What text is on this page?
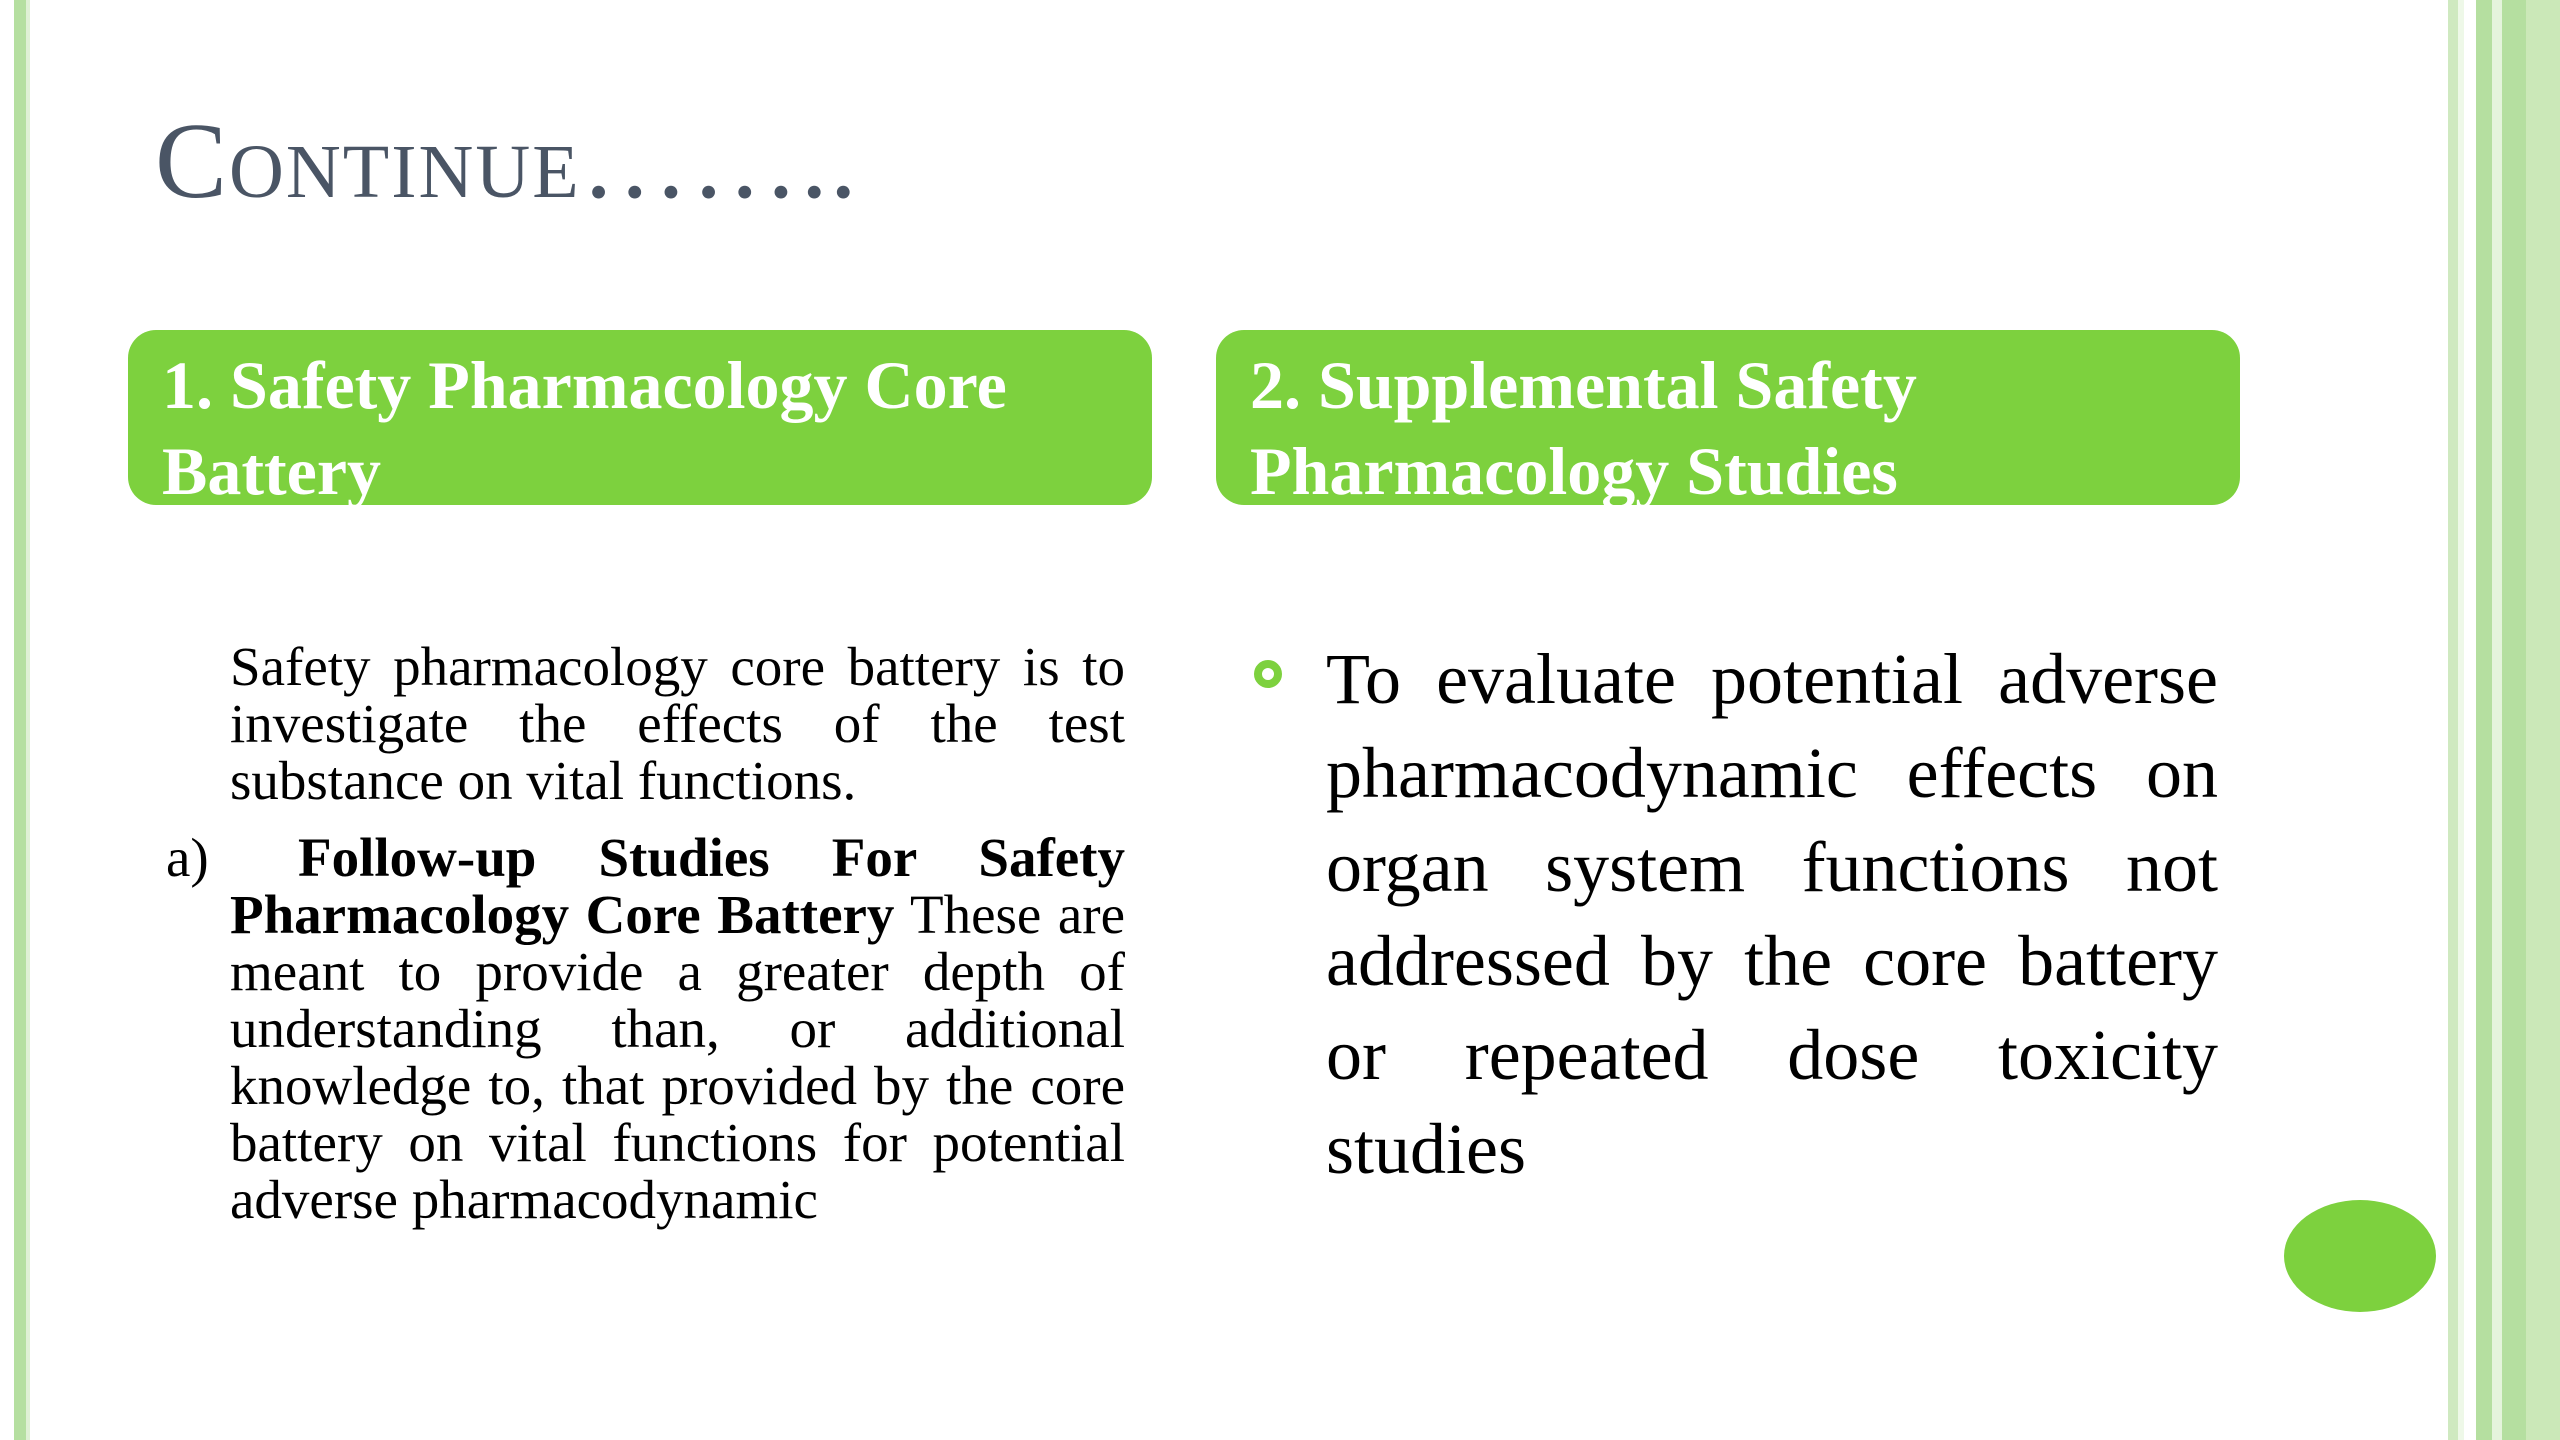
Continue……..
1. Safety Pharmacology Core Battery
2. Supplemental Safety Pharmacology Studies

Safety pharmacology core battery is to investigate the effects of the test substance on vital functions.

a) Follow-up Studies For Safety Pharmacology Core Battery These are meant to provide a greater depth of understanding than, or additional knowledge to, that provided by the core battery on vital functions for potential adverse pharmacodynamic

To evaluate potential adverse pharmacodynamic effects on organ system functions not addressed by the core battery or repeated dose toxicity studies
